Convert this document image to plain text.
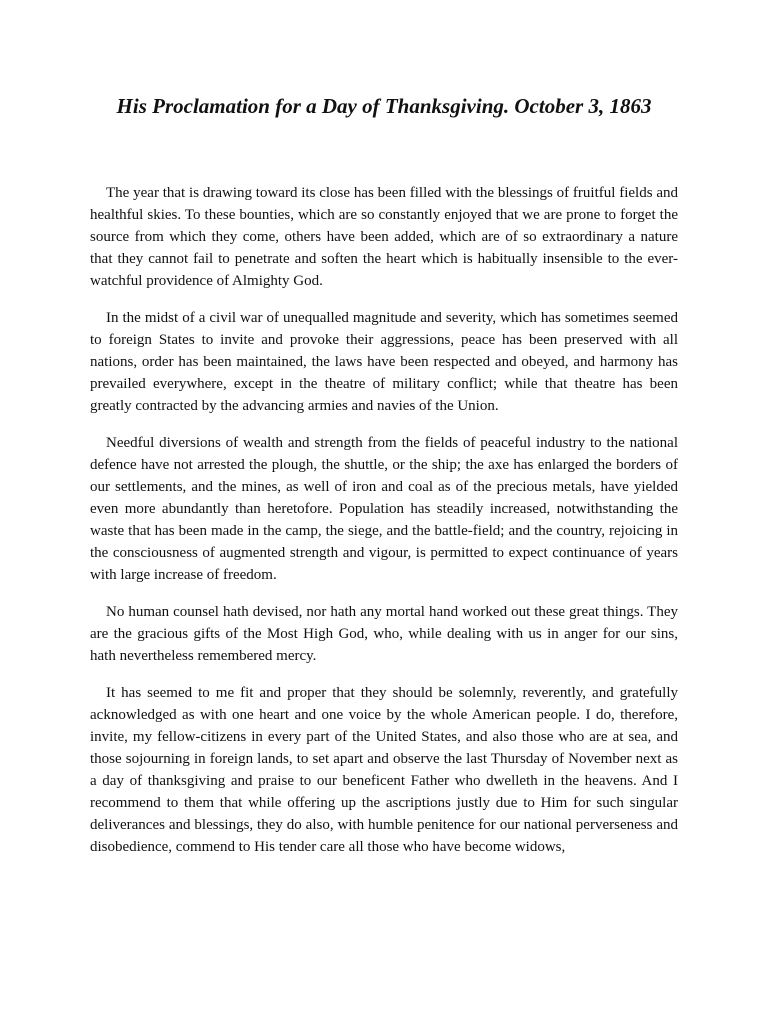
His Proclamation for a Day of Thanksgiving. October 3, 1863

The year that is drawing toward its close has been filled with the blessings of fruitful fields and healthful skies. To these bounties, which are so constantly enjoyed that we are prone to forget the source from which they come, others have been added, which are of so extraordinary a nature that they cannot fail to penetrate and soften the heart which is habitually insensible to the ever-watchful providence of Almighty God.

In the midst of a civil war of unequalled magnitude and severity, which has sometimes seemed to foreign States to invite and provoke their aggressions, peace has been preserved with all nations, order has been maintained, the laws have been respected and obeyed, and harmony has prevailed everywhere, except in the theatre of military conflict; while that theatre has been greatly contracted by the advancing armies and navies of the Union.

Needful diversions of wealth and strength from the fields of peaceful industry to the national defence have not arrested the plough, the shuttle, or the ship; the axe has enlarged the borders of our settlements, and the mines, as well of iron and coal as of the precious metals, have yielded even more abundantly than heretofore. Population has steadily increased, notwithstanding the waste that has been made in the camp, the siege, and the battle-field; and the country, rejoicing in the consciousness of augmented strength and vigour, is permitted to expect continuance of years with large increase of freedom.

No human counsel hath devised, nor hath any mortal hand worked out these great things. They are the gracious gifts of the Most High God, who, while dealing with us in anger for our sins, hath nevertheless remembered mercy.

It has seemed to me fit and proper that they should be solemnly, reverently, and gratefully acknowledged as with one heart and one voice by the whole American people. I do, therefore, invite, my fellow-citizens in every part of the United States, and also those who are at sea, and those sojourning in foreign lands, to set apart and observe the last Thursday of November next as a day of thanksgiving and praise to our beneficent Father who dwelleth in the heavens. And I recommend to them that while offering up the ascriptions justly due to Him for such singular deliverances and blessings, they do also, with humble penitence for our national perverseness and disobedience, commend to His tender care all those who have become widows,
